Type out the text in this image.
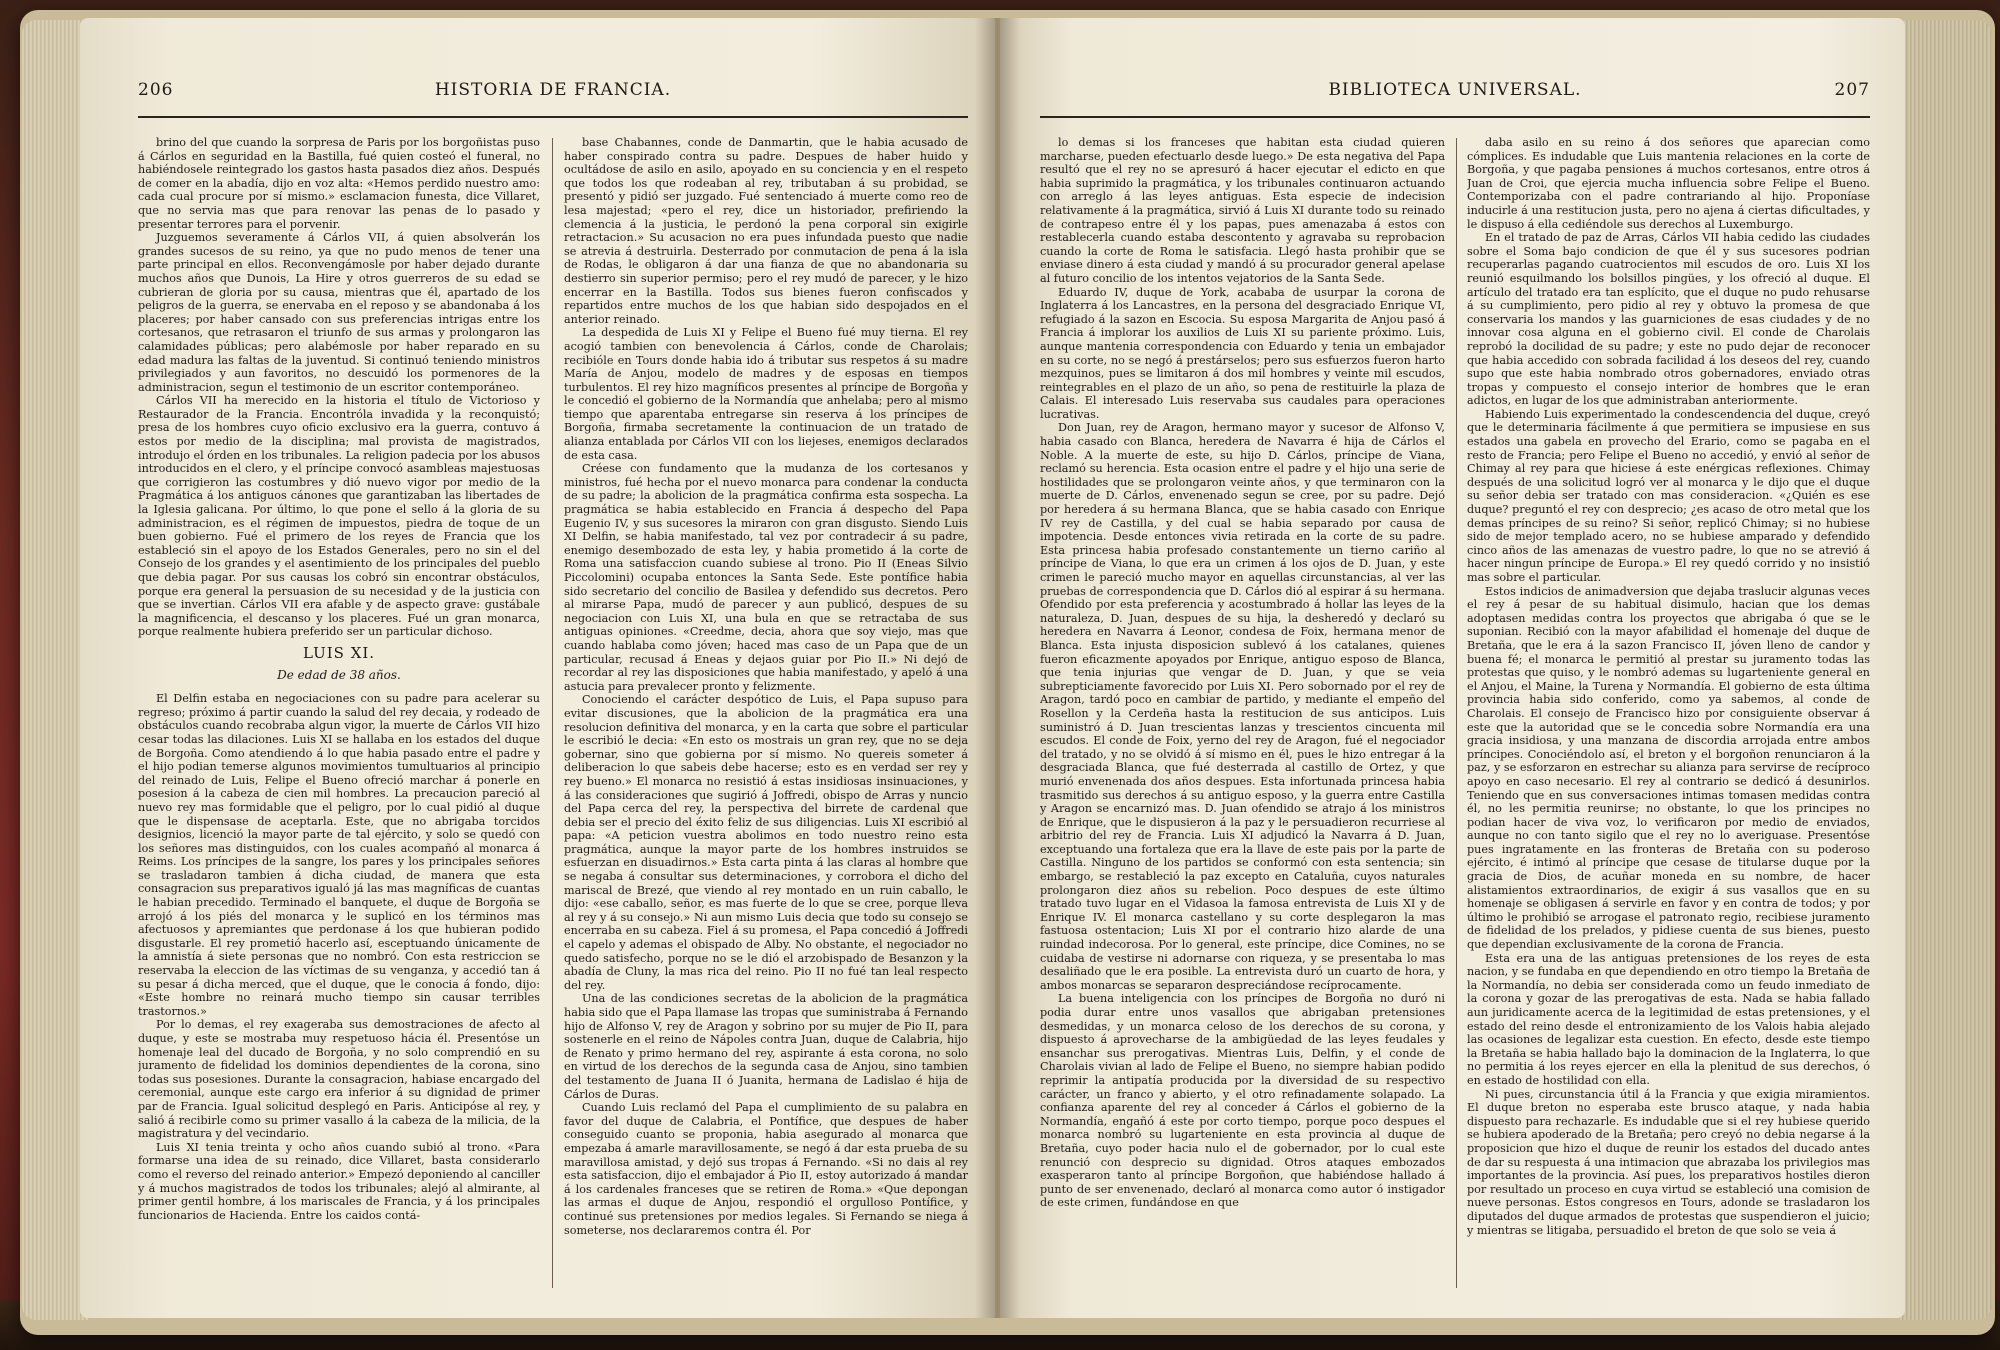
206	HISTORIA DE FRANCIA.

brino del que cuando la sorpresa de Paris por los borgoñistas puso á Cárlos en seguridad en la Bastilla, fué quien costeó el funeral, no habiéndosele reintegrado los gastos hasta pasados diez años. Después de comer en la abadía, dijo en voz alta: «Hemos perdido nuestro amo: cada cual procure por sí mismo.» esclamacion funesta, dice Villaret, que no servia mas que para renovar las penas de lo pasado y presentar terrores para el porvenir.

Juzguemos severamente á Cárlos VII, á quien absolverán los grandes sucesos de su reino, ya que no pudo menos de tener una parte principal en ellos. Reconvengámosle por haber dejado durante muchos años que Dunois, La Hire y otros guerreros de su edad se cubrieran de gloria por su causa, mientras que él, apartado de los peligros de la guerra, se enervaba en el reposo y se abandonaba á los placeres; por haber cansado con sus preferencias intrigas entre los cortesanos, que retrasaron el triunfo de sus armas y prolongaron las calamidades públicas; pero alabémosle por haber reparado en su edad madura las faltas de la juventud. Si continuó teniendo ministros privilegiados y aun favoritos, no descuidó los pormenores de la administracion, segun el testimonio de un escritor contemporáneo.

Cárlos VII ha merecido en la historia el título de Victorioso y Restaurador de la Francia. Encontróla invadida y la reconquistó; presa de los hombres cuyo oficio exclusivo era la guerra, contuvo á estos por medio de la disciplina; mal provista de magistrados, introdujo el órden en los tribunales. La religion padecia por los abusos introducidos en el clero, y el príncipe convocó asambleas majestuosas que corrigieron las costumbres y dió nuevo vigor por medio de la Pragmática á los antiguos cánones que garantizaban las libertades de la Iglesia galicana. Por último, lo que pone el sello á la gloria de su administracion, es el régimen de impuestos, piedra de toque de un buen gobierno. Fué el primero de los reyes de Francia que los estableció sin el apoyo de los Estados Generales, pero no sin el del Consejo de los grandes y el asentimiento de los principales del pueblo que debia pagar. Por sus causas los cobró sin encontrar obstáculos, porque era general la persuasion de su necesidad y de la justicia con que se invertian. Cárlos VII era afable y de aspecto grave: gustábale la magnificencia, el descanso y los placeres. Fué un gran monarca, porque realmente hubiera preferido ser un particular dichoso.

LUIS XI.

De edad de 38 años.

El Delfin estaba en negociaciones con su padre para acelerar su regreso; próximo á partir cuando la salud del rey decaia, y rodeado de obstáculos cuando recobraba algun vigor, la muerte de Cárlos VII hizo cesar todas las dilaciones. Luis XI se hallaba en los estados del duque de Borgoña. Como atendiendo á lo que habia pasado entre el padre y el hijo podian temerse algunos movimientos tumultuarios al principio del reinado de Luis, Felipe el Bueno ofreció marchar á ponerle en posesion á la cabeza de cien mil hombres. La precaucion pareció al nuevo rey mas formidable que el peligro, por lo cual pidió al duque que le dispensase de aceptarla. Este, que no abrigaba torcidos designios, licenció la mayor parte de tal ejército, y solo se quedó con los señores mas distinguidos, con los cuales acompañó al monarca á Reims. Los príncipes de la sangre, los pares y los principales señores se trasladaron tambien á dicha ciudad, de manera que esta consagracion sus preparativos igualó já las mas magníficas de cuantas le habian precedido. Terminado el banquete, el duque de Borgoña se arrojó á los piés del monarca y le suplicó en los términos mas afectuosos y apremiantes que perdonase á los que hubieran podido disgustarle. El rey prometió hacerlo así, esceptuando únicamente de la amnistía á siete personas que no nombró. Con esta restriccion se reservaba la eleccion de las víctimas de su venganza, y accedió tan á su pesar á dicha merced, que el duque, que le conocia á fondo, dijo: «Este hombre no reinará mucho tiempo sin causar terribles trastornos.»

Por lo demas, el rey exageraba sus demostraciones de afecto al duque, y este se mostraba muy respetuoso hácia él. Presentóse un homenaje leal del ducado de Borgoña, y no solo comprendió en su juramento de fidelidad los dominios dependientes de la corona, sino todas sus posesiones. Durante la consagracion, habiase encargado del ceremonial, aunque este cargo era inferior á su dignidad de primer par de Francia. Igual solicitud desplegó en Paris. Anticipóse al rey, y salió á recibirle como su primer vasallo á la cabeza de la milicia, de la magistratura y del vecindario.

Luis XI tenia treinta y ocho años cuando subió al trono. «Para formarse una idea de su reinado, dice Villaret, basta considerarlo como el reverso del reinado anterior.» Empezó deponiendo al canciller y á muchos magistrados de todos los tribunales; alejó al almirante, al primer gentil hombre, á los mariscales de Francia, y á los principales funcionarios de Hacienda. Entre los caidos contá-

base Chabannes, conde de Danmartin, que le habia acusado de haber conspirado contra su padre. Despues de haber huido y ocultádose de asilo en asilo, apoyado en su conciencia y en el respeto que todos los que rodeaban al rey, tributaban á su probidad, se presentó y pidió ser juzgado. Fué sentenciado á muerte como reo de lesa majestad; «pero el rey, dice un historiador, prefiriendo la clemencia á la justicia, le perdonó la pena corporal sin exigirle retractacion.» Su acusacion no era pues infundada puesto que nadie se atrevia á destruirla. Desterrado por conmutacion de pena á la isla de Rodas, le obligaron á dar una fianza de que no abandonaria su destierro sin superior permiso; pero el rey mudó de parecer, y le hizo encerrar en la Bastilla. Todos sus bienes fueron confiscados y repartidos entre muchos de los que habian sido despojados en el anterior reinado.

La despedida de Luis XI y Felipe el Bueno fué muy tierna. El rey acogió tambien con benevolencia á Cárlos, conde de Charolais; recibióle en Tours donde habia ido á tributar sus respetos á su madre María de Anjou, modelo de madres y de esposas en tiempos turbulentos. El rey hizo magníficos presentes al príncipe de Borgoña y le concedió el gobierno de la Normandía que anhelaba; pero al mismo tiempo que aparentaba entregarse sin reserva á los príncipes de Borgoña, firmaba secretamente la continuacion de un tratado de alianza entablada por Cárlos VII con los liejeses, enemigos declarados de esta casa.

Créese con fundamento que la mudanza de los cortesanos y ministros, fué hecha por el nuevo monarca para condenar la conducta de su padre; la abolicion de la pragmática confirma esta sospecha. La pragmática se habia establecido en Francia á despecho del Papa Eugenio IV, y sus sucesores la miraron con gran disgusto. Siendo Luis XI Delfin, se habia manifestado, tal vez por contradecir á su padre, enemigo desembozado de esta ley, y habia prometido á la corte de Roma una satisfaccion cuando subiese al trono. Pio II (Eneas Silvio Piccolomini) ocupaba entonces la Santa Sede. Este pontífice habia sido secretario del concilio de Basilea y defendido sus decretos. Pero al mirarse Papa, mudó de parecer y aun publicó, despues de su negociacion con Luis XI, una bula en que se retractaba de sus antiguas opiniones. «Creedme, decia, ahora que soy viejo, mas que cuando hablaba como jóven; haced mas caso de un Papa que de un particular, recusad á Eneas y dejaos guiar por Pio II.» Ni dejó de recordar al rey las disposiciones que habia manifestado, y apeló á una astucia para prevalecer pronto y felizmente.

Conociendo el carácter despótico de Luis, el Papa supuso para evitar discusiones, que la abolicion de la pragmática era una resolucion definitiva del monarca, y en la carta que sobre el particular le escribió le decia: «En esto os mostrais un gran rey, que no se deja gobernar, sino que gobierna por sí mismo. No quereis someter á deliberacion lo que sabeis debe hacerse; esto es en verdad ser rey y rey bueno.» El monarca no resistió á estas insidiosas insinuaciones, y á las consideraciones que sugirió á Joffredi, obispo de Arras y nuncio del Papa cerca del rey, la perspectiva del birrete de cardenal que debia ser el precio del éxito feliz de sus diligencias. Luis XI escribió al papa: «A peticion vuestra abolimos en todo nuestro reino esta pragmática, aunque la mayor parte de los hombres instruidos se esfuerzan en disuadirnos.» Esta carta pinta á las claras al hombre que se negaba á consultar sus determinaciones, y corrobora el dicho del mariscal de Brezé, que viendo al rey montado en un ruin caballo, le dijo: «ese caballo, señor, es mas fuerte de lo que se cree, porque lleva al rey y á su consejo.» Ni aun mismo Luis decia que todo su consejo se encerraba en su cabeza. Fiel á su promesa, el Papa concedió á Joffredi el capelo y ademas el obispado de Alby. No obstante, el negociador no quedo satisfecho, porque no se le dió el arzobispado de Besanzon y la abadía de Cluny, la mas rica del reino. Pio II no fué tan leal respecto del rey.

Una de las condiciones secretas de la abolicion de la pragmática habia sido que el Papa llamase las tropas que suministraba á Fernando hijo de Alfonso V, rey de Aragon y sobrino por su mujer de Pio II, para sostenerle en el reino de Nápoles contra Juan, duque de Calabria, hijo de Renato y primo hermano del rey, aspirante á esta corona, no solo en virtud de los derechos de la segunda casa de Anjou, sino tambien del testamento de Juana II ó Juanita, hermana de Ladislao é hija de Cárlos de Duras.

Cuando Luis reclamó del Papa el cumplimiento de su palabra en favor del duque de Calabria, el Pontífice, que despues de haber conseguido cuanto se proponia, habia asegurado al monarca que empezaba á amarle maravillosamente, se negó á dar esta prueba de su maravillosa amistad, y dejó sus tropas á Fernando. «Si no dais al rey esta satisfaccion, dijo el embajador á Pio II, estoy autorizado á mandar á los cardenales franceses que se retiren de Roma.» «Que depongan las armas el duque de Anjou, respondió el orgulloso Pontífice, y continué sus pretensiones por medios legales. Si Fernando se niega á someterse, nos declararemos contra él. Por

BIBLIOTECA UNIVERSAL.	207

lo demas si los franceses que habitan esta ciudad quieren marcharse, pueden efectuarlo desde luego.» De esta negativa del Papa resultó que el rey no se apresuró á hacer ejecutar el edicto en que habia suprimido la pragmática, y los tribunales continuaron actuando con arreglo á las leyes antiguas. Esta especie de indecision relativamente á la pragmática, sirvió á Luis XI durante todo su reinado de contrapeso entre él y los papas, pues amenazaba á estos con restablecerla cuando estaba descontento y agravaba su reprobacion cuando la corte de Roma le satisfacia. Llegó hasta prohibir que se enviase dinero á esta ciudad y mandó á su procurador general apelase al futuro concilio de los intentos vejatorios de la Santa Sede.

Eduardo IV, duque de York, acababa de usurpar la corona de Inglaterra á los Lancastres, en la persona del desgraciado Enrique VI, refugiado á la sazon en Escocia. Su esposa Margarita de Anjou pasó á Francia á implorar los auxilios de Luis XI su pariente próximo. Luis, aunque mantenia correspondencia con Eduardo y tenia un embajador en su corte, no se negó á prestárselos; pero sus esfuerzos fueron harto mezquinos, pues se limitaron á dos mil hombres y veinte mil escudos, reintegrables en el plazo de un año, so pena de restituirle la plaza de Calais. El interesado Luis reservaba sus caudales para operaciones lucrativas.

Don Juan, rey de Aragon, hermano mayor y sucesor de Alfonso V, habia casado con Blanca, heredera de Navarra é hija de Cárlos el Noble. A la muerte de este, su hijo D. Cárlos, príncipe de Viana, reclamó su herencia. Esta ocasion entre el padre y el hijo una serie de hostilidades que se prolongaron veinte años, y que terminaron con la muerte de D. Cárlos, envenenado segun se cree, por su padre. Dejó por heredera á su hermana Blanca, que se habia casado con Enrique IV rey de Castilla, y del cual se habia separado por causa de impotencia. Desde entonces vivia retirada en la corte de su padre. Esta princesa habia profesado constantemente un tierno cariño al príncipe de Viana, lo que era un crimen á los ojos de D. Juan, y este crimen le pareció mucho mayor en aquellas circunstancias, al ver las pruebas de correspondencia que D. Cárlos dió al espirar á su hermana. Ofendido por esta preferencia y acostumbrado á hollar las leyes de la naturaleza, D. Juan, despues de su hija, la desheredó y declaró su heredera en Navarra á Leonor, condesa de Foix, hermana menor de Blanca. Esta injusta disposicion sublevó á los catalanes, quienes fueron eficazmente apoyados por Enrique, antiguo esposo de Blanca, que tenia injurias que vengar de D. Juan, y que se veia subrepticiamente favorecido por Luis XI. Pero sobornado por el rey de Aragon, tardó poco en cambiar de partido, y mediante el empeño del Rosellon y la Cerdeña hasta la restitucion de sus anticipos. Luis suministró á D. Juan trescientas lanzas y trescientos cincuenta mil escudos. El conde de Foix, yerno del rey de Aragon, fué el negociador del tratado, y no se olvidó á sí mismo en él, pues le hizo entregar á la desgraciada Blanca, que fué desterrada al castillo de Ortez, y que murió envenenada dos años despues. Esta infortunada princesa habia trasmitido sus derechos á su antiguo esposo, y la guerra entre Castilla y Aragon se encarnizó mas. D. Juan ofendido se atrajo á los ministros de Enrique, que le dispusieron á la paz y le persuadieron recurriese al arbitrio del rey de Francia. Luis XI adjudicó la Navarra á D. Juan, exceptuando una fortaleza que era la llave de este pais por la parte de Castilla. Ninguno de los partidos se conformó con esta sentencia; sin embargo, se restableció la paz excepto en Cataluña, cuyos naturales prolongaron diez años su rebelion. Poco despues de este último tratado tuvo lugar en el Vidasoa la famosa entrevista de Luis XI y de Enrique IV. El monarca castellano y su corte desplegaron la mas fastuosa ostentacion; Luis XI por el contrario hizo alarde de una ruindad indecorosa. Por lo general, este príncipe, dice Comines, no se cuidaba de vestirse ni adornarse con riqueza, y se presentaba lo mas desaliñado que le era posible. La entrevista duró un cuarto de hora, y ambos monarcas se separaron despreciándose recíprocamente.

La buena inteligencia con los príncipes de Borgoña no duró ni podia durar entre unos vasallos que abrigaban pretensiones desmedidas, y un monarca celoso de los derechos de su corona, y dispuesto á aprovecharse de la ambigüedad de las leyes feudales y ensanchar sus prerogativas. Mientras Luis, Delfin, y el conde de Charolais vivian al lado de Felipe el Bueno, no siempre habian podido reprimir la antipatía producida por la diversidad de su respectivo carácter, un franco y abierto, y el otro refinadamente solapado. La confianza aparente del rey al conceder á Cárlos el gobierno de la Normandía, engañó á este por corto tiempo, porque poco despues el monarca nombró su lugarteniente en esta provincia al duque de Bretaña, cuyo poder hacia nulo el de gobernador, por lo cual este renunció con desprecio su dignidad. Otros ataques embozados exasperaron tanto al príncipe Borgoñon, que habiéndose hallado á punto de ser envenenado, declaró al monarca como autor ó instigador de este crimen, fundándose en que

daba asilo en su reino á dos señores que aparecian como cómplices. Es indudable que Luis mantenia relaciones en la corte de Borgoña, y que pagaba pensiones á muchos cortesanos, entre otros á Juan de Croi, que ejercia mucha influencia sobre Felipe el Bueno. Contemporizaba con el padre contrariando al hijo. Proponíase inducirle á una restitucion justa, pero no ajena á ciertas dificultades, y le dispuso á ella cediéndole sus derechos al Luxemburgo.

En el tratado de paz de Arras, Cárlos VII habia cedido las ciudades sobre el Soma bajo condicion de que él y sus sucesores podrian recuperarlas pagando cuatrocientos mil escudos de oro. Luis XI los reunió esquilmando los bolsillos pingües, y los ofreció al duque. El artículo del tratado era tan esplícito, que el duque no pudo rehusarse á su cumplimiento, pero pidio al rey y obtuvo la promesa de que conservaria los mandos y las guarniciones de esas ciudades y de no innovar cosa alguna en el gobierno civil. El conde de Charolais reprobó la docilidad de su padre; y este no pudo dejar de reconocer que habia accedido con sobrada facilidad á los deseos del rey, cuando supo que este habia nombrado otros gobernadores, enviado otras tropas y compuesto el consejo interior de hombres que le eran adictos, en lugar de los que administraban anteriormente.

Habiendo Luis experimentado la condescendencia del duque, creyó que le determinaria fácilmente á que permitiera se impusiese en sus estados una gabela en provecho del Erario, como se pagaba en el resto de Francia; pero Felipe el Bueno no accedió, y envió al señor de Chimay al rey para que hiciese á este enérgicas reflexiones. Chimay después de una solicitud logró ver al monarca y le dijo que el duque su señor debia ser tratado con mas consideracion. «¿Quién es ese duque? preguntó el rey con desprecio; ¿es acaso de otro metal que los demas príncipes de su reino? Si señor, replicó Chimay; si no hubiese sido de mejor templado acero, no se hubiese amparado y defendido cinco años de las amenazas de vuestro padre, lo que no se atrevió á hacer ningun príncipe de Europa.» El rey quedó corrido y no insistió mas sobre el particular.

Estos indicios de animadversion que dejaba traslucir algunas veces el rey á pesar de su habitual disimulo, hacian que los demas adoptasen medidas contra los proyectos que abrigaba ó que se le suponian. Recibió con la mayor afabilidad el homenaje del duque de Bretaña, que le era á la sazon Francisco II, jóven lleno de candor y buena fé; el monarca le permitió al prestar su juramento todas las protestas que quiso, y le nombró ademas su lugarteniente general en el Anjou, el Maine, la Turena y Normandía. El gobierno de esta última provincia habia sido conferido, como ya sabemos, al conde de Charolais. El consejo de Francisco hizo por consiguiente observar á este que la autoridad que se le concedia sobre Normandía era una gracia insidiosa, y una manzana de discordia arrojada entre ambos príncipes. Conociéndolo así, el breton y el borgoñon renunciaron á la paz, y se esforzaron en estrechar su alianza para servirse de recíproco apoyo en caso necesario. El rey al contrario se dedicó á desunirlos. Teniendo que en sus conversaciones intimas tomasen medidas contra él, no les permitia reunirse; no obstante, lo que los principes no podian hacer de viva voz, lo verificaron por medio de enviados, aunque no con tanto sigilo que el rey no lo averiguase. Presentóse pues ingratamente en las fronteras de Bretaña con su poderoso ejército, é intimó al príncipe que cesase de titularse duque por la gracia de Dios, de acuñar moneda en su nombre, de hacer alistamientos extraordinarios, de exigir á sus vasallos que en su homenaje se obligasen á servirle en favor y en contra de todos; y por último le prohibió se arrogase el patronato regio, recibiese juramento de fidelidad de los prelados, y pidiese cuenta de sus bienes, puesto que dependian exclusivamente de la corona de Francia.

Esta era una de las antiguas pretensiones de los reyes de esta nacion, y se fundaba en que dependiendo en otro tiempo la Bretaña de la Normandía, no debia ser considerada como un feudo inmediato de la corona y gozar de las prerogativas de esta. Nada se habia fallado aun juridicamente acerca de la legitimidad de estas pretensiones, y el estado del reino desde el entronizamiento de los Valois habia alejado las ocasiones de legalizar esta cuestion. En efecto, desde este tiempo la Bretaña se habia hallado bajo la dominacion de la Inglaterra, lo que no permitia á los reyes ejercer en ella la plenitud de sus derechos, ó en estado de hostilidad con ella.

Ni pues, circunstancia útil á la Francia y que exigia miramientos. El duque breton no esperaba este brusco ataque, y nada habia dispuesto para rechazarle. Es indudable que si el rey hubiese querido se hubiera apoderado de la Bretaña; pero creyó no debia negarse á la proposicion que hizo el duque de reunir los estados del ducado antes de dar su respuesta á una intimacion que abrazaba los privilegios mas importantes de la provincia. Así pues, los preparativos hostiles dieron por resultado un proceso en cuya virtud se estableció una comision de nueve personas. Estos congresos en Tours, adonde se trasladaron los diputados del duque armados de protestas que suspendieron el juicio; y mientras se litigaba, persuadido el breton de que solo se veia á
